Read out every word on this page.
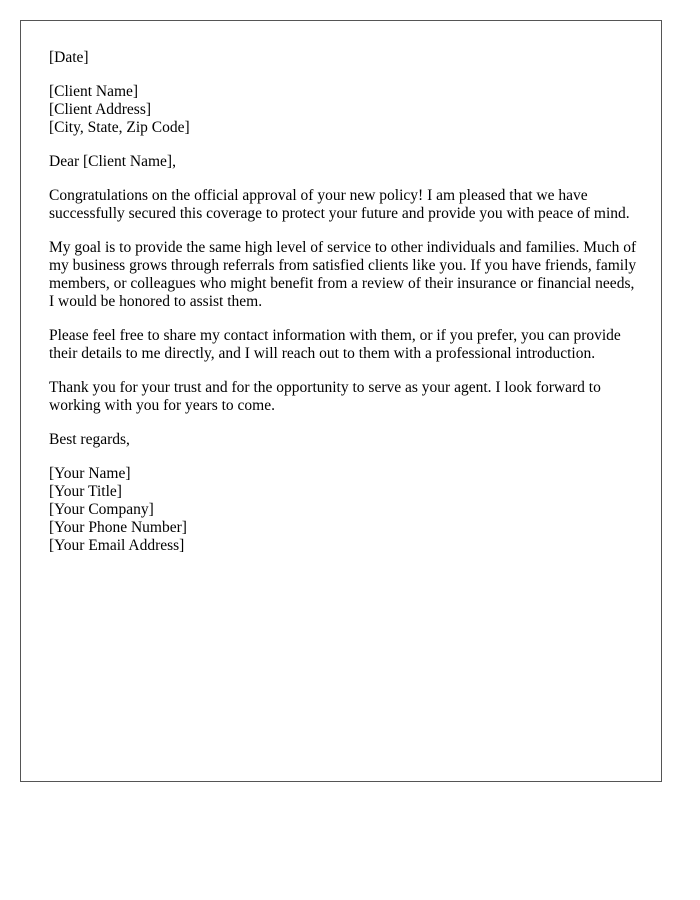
[Date]
[Client Name]
[Client Address]
[City, State, Zip Code]

Dear [Client Name],

Congratulations on the official approval of your new policy! I am pleased that we have successfully secured this coverage to protect your future and provide you with peace of mind.

My goal is to provide the same high level of service to other individuals and families. Much of my business grows through referrals from satisfied clients like you. If you have friends, family members, or colleagues who might benefit from a review of their insurance or financial needs, I would be honored to assist them.

Please feel free to share my contact information with them, or if you prefer, you can provide their details to me directly, and I will reach out to them with a professional introduction.

Thank you for your trust and for the opportunity to serve as your agent. I look forward to working with you for years to come.

Best regards,

[Your Name]
[Your Title]
[Your Company]
[Your Phone Number]
[Your Email Address]
